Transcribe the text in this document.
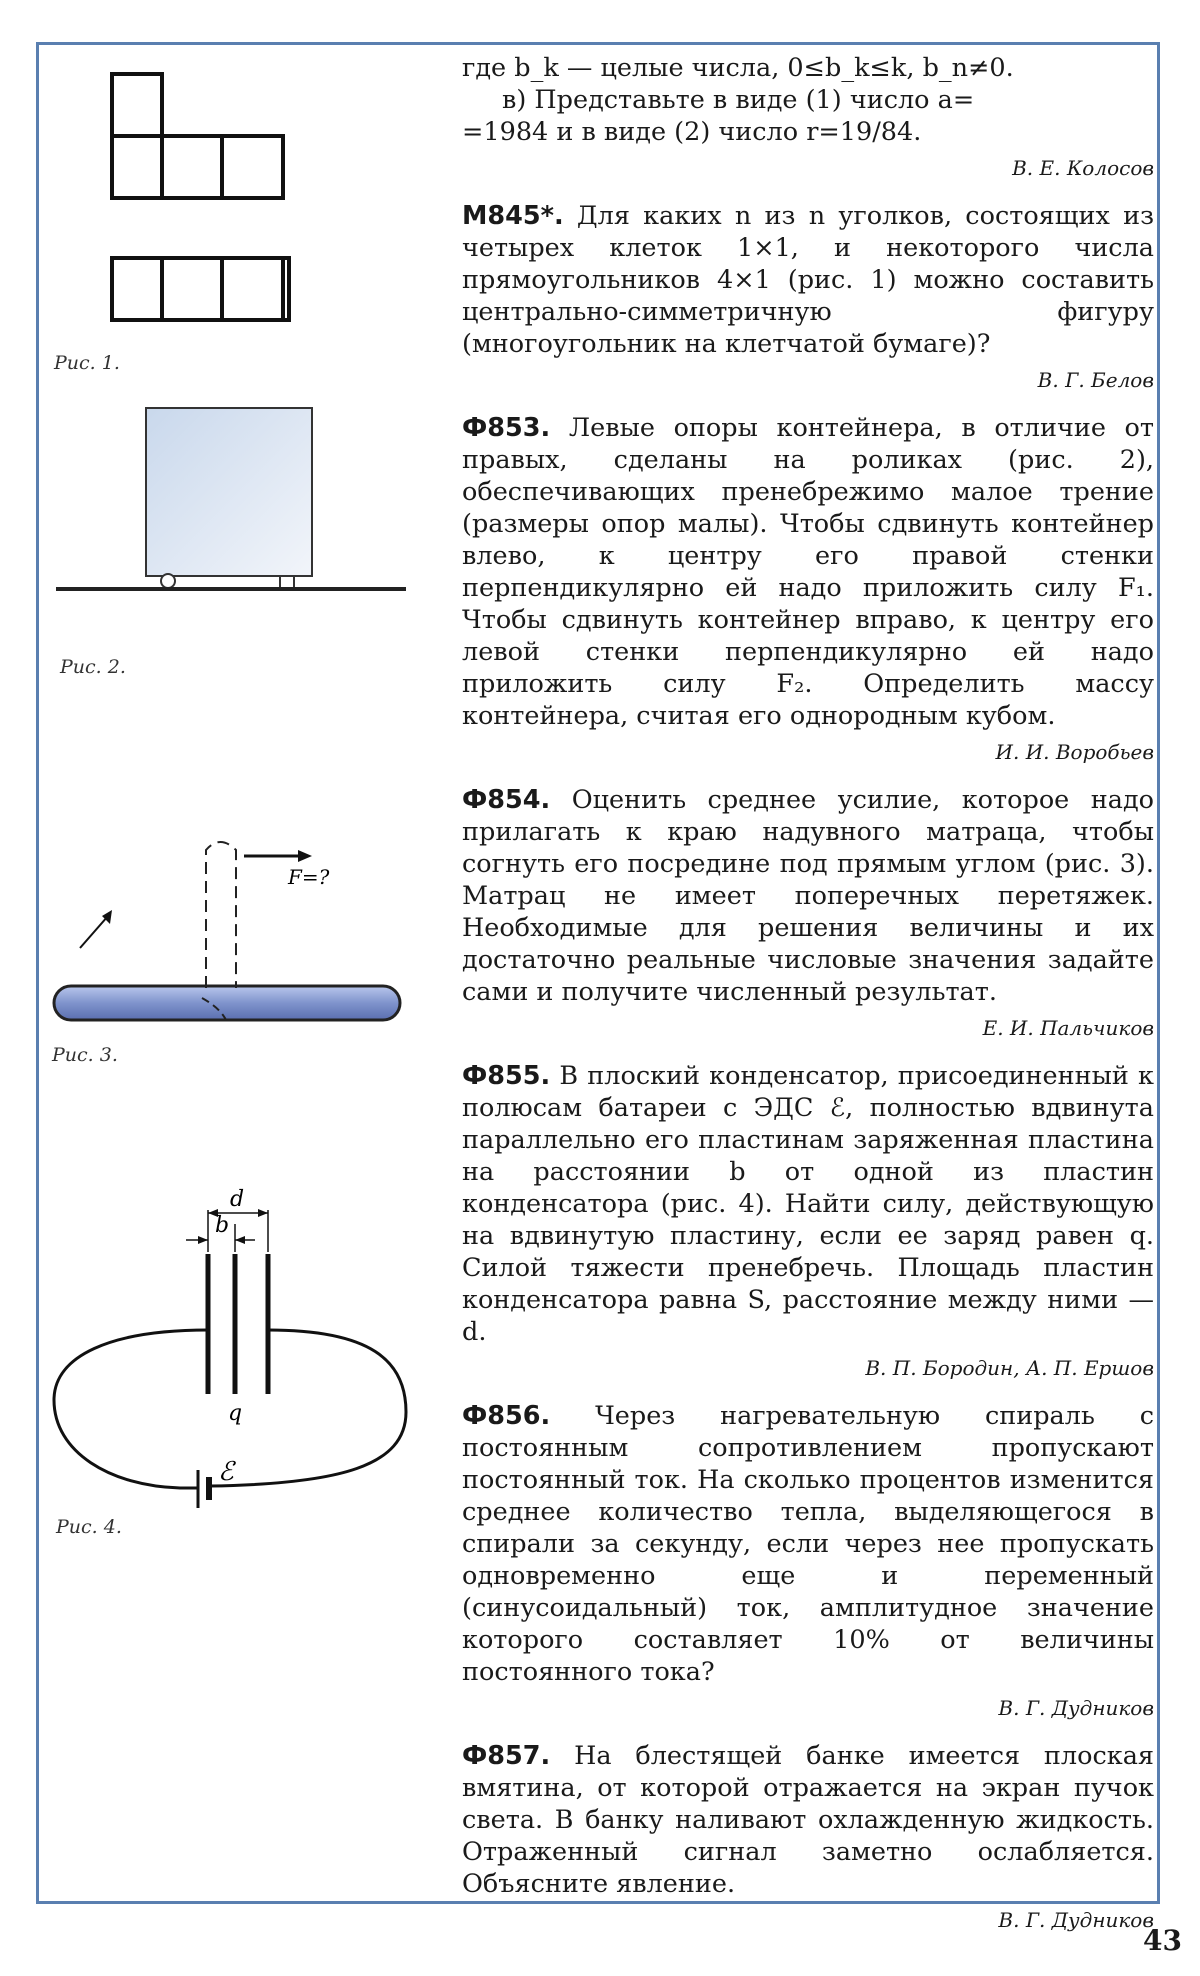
Рис. 1.
Рис. 2.
F=?
Рис. 3.
d
b
q
ℰ
Рис. 4.

где b_k — целые числа, 0≤b_k≤k, b_n≠0.

в) Представьте в виде (1) число a=

=1984 и в виде (2) число r=19/84.

В. Е. Колосов

М845*. Для каких n из n уголков, состоящих из четырех клеток 1×1, и некоторого числа прямоугольников 4×1 (рис. 1) можно составить центрально-симметричную фигуру (многоугольник на клетчатой бумаге)?

В. Г. Белов

Ф853. Левые опоры контейнера, в отличие от правых, сделаны на роликах (рис. 2), обеспечивающих пренебрежимо малое трение (размеры опор малы). Чтобы сдвинуть контейнер влево, к центру его правой стенки перпендикулярно ей надо приложить силу F₁. Чтобы сдвинуть контейнер вправо, к центру его левой стенки перпендикулярно ей надо приложить силу F₂. Определить массу контейнера, считая его однородным кубом.

И. И. Воробьев

Ф854. Оценить среднее усилие, которое надо прилагать к краю надувного матраца, чтобы согнуть его посредине под прямым углом (рис. 3). Матрац не имеет поперечных перетяжек. Необходимые для решения величины и их достаточно реальные числовые значения задайте сами и получите численный результат.

Е. И. Пальчиков

Ф855. В плоский конденсатор, присоединенный к полюсам батареи с ЭДС ℰ, полностью вдвинута параллельно его пластинам заряженная пластина на расстоянии b от одной из пластин конденсатора (рис. 4). Найти силу, действующую на вдвинутую пластину, если ее заряд равен q. Силой тяжести пренебречь. Площадь пластин конденсатора равна S, расстояние между ними — d.

В. П. Бородин, А. П. Ершов

Ф856. Через нагревательную спираль с постоянным сопротивлением пропускают постоянный ток. На сколько процентов изменится среднее количество тепла, выделяющегося в спирали за секунду, если через нее пропускать одновременно еще и переменный (синусоидальный) ток, амплитудное значение которого составляет 10% от величины постоянного тока?

В. Г. Дудников

Ф857. На блестящей банке имеется плоская вмятина, от которой отражается на экран пучок света. В банку наливают охлажденную жидкость. Отраженный сигнал заметно ослабляется. Объясните явление.

В. Г. Дудников
43
